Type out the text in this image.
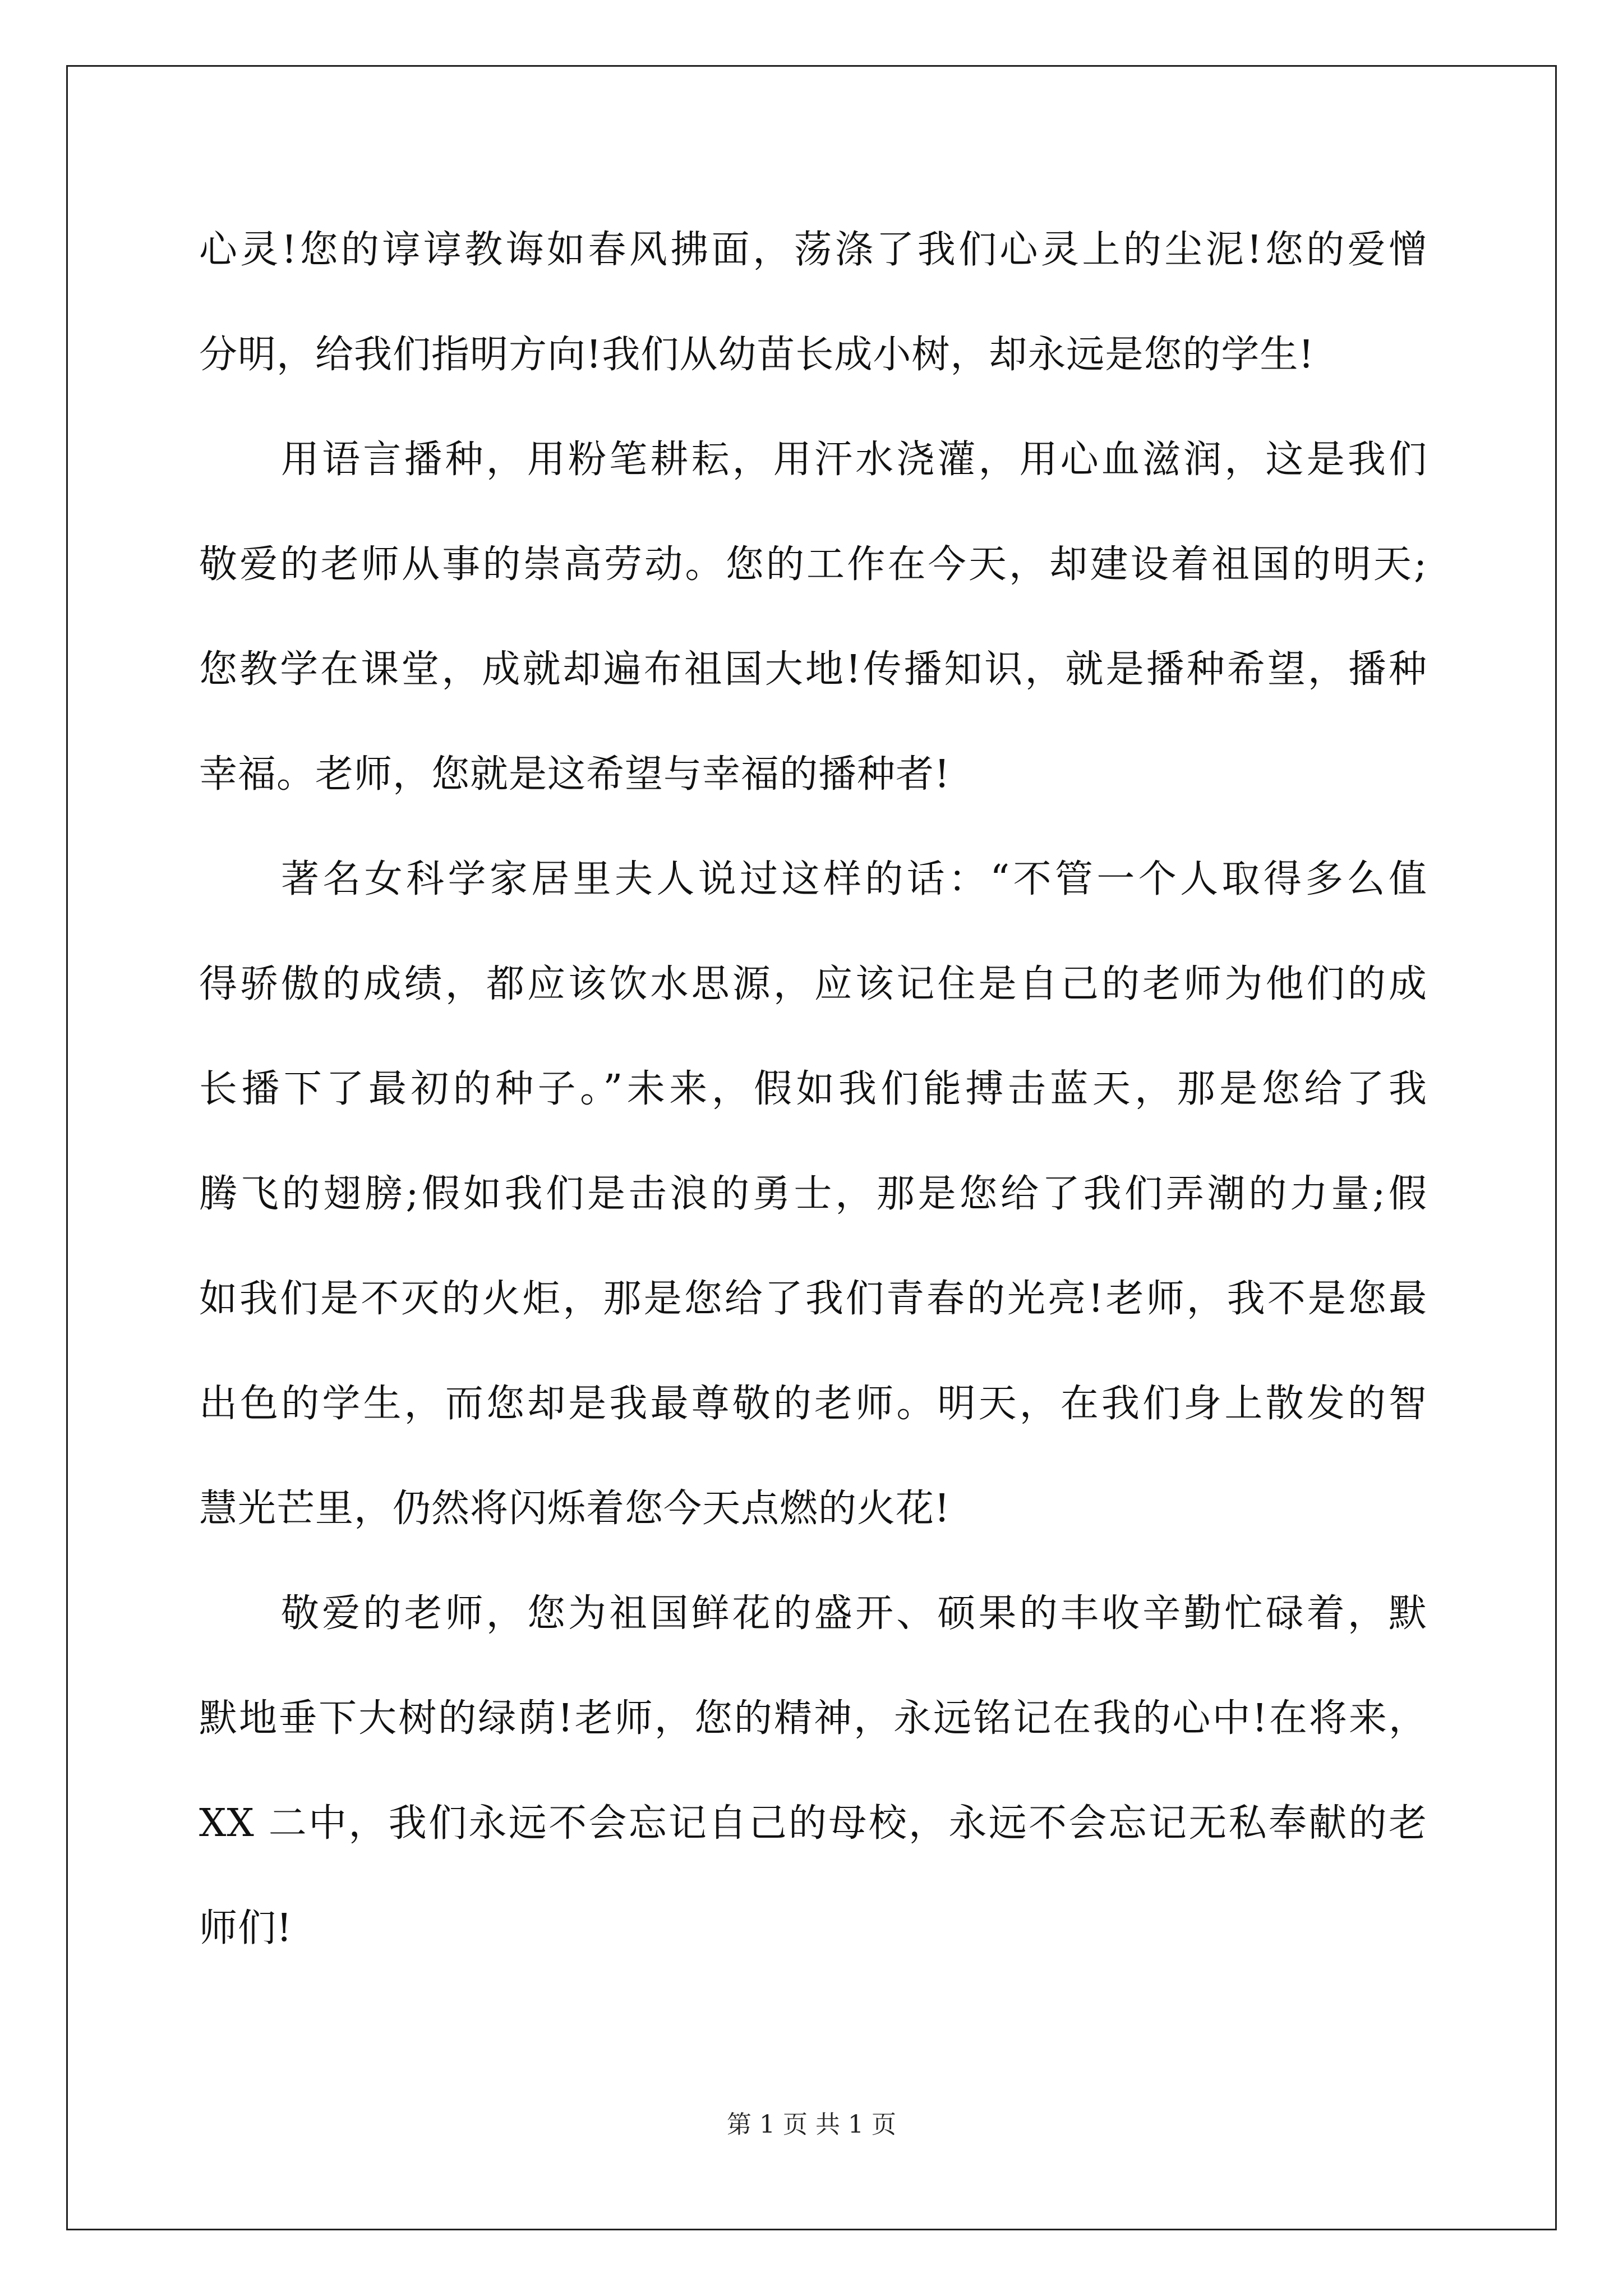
心灵!您的谆谆教诲如春风拂面，荡涤了我们心灵上的尘泥!您的爱憎
分明，给我们指明方向!我们从幼苗长成小树，却永远是您的学生!
用语言播种，用粉笔耕耘，用汗水浇灌，用心血滋润，这是我们
敬爱的老师从事的崇高劳动。您的工作在今天，却建设着祖国的明天;
您教学在课堂，成就却遍布祖国大地!传播知识，就是播种希望，播种
幸福。老师，您就是这希望与幸福的播种者!
著名女科学家居里夫人说过这样的话：“不管一个人取得多么值
得骄傲的成绩，都应该饮水思源，应该记住是自己的老师为他们的成
长播下了最初的种子。”未来，假如我们能搏击蓝天，那是您给了我
腾飞的翅膀;假如我们是击浪的勇士，那是您给了我们弄潮的力量;假
如我们是不灭的火炬，那是您给了我们青春的光亮!老师，我不是您最
出色的学生，而您却是我最尊敬的老师。明天，在我们身上散发的智
慧光芒里，仍然将闪烁着您今天点燃的火花!
敬爱的老师，您为祖国鲜花的盛开、硕果的丰收辛勤忙碌着，默
默地垂下大树的绿荫!老师，您的精神，永远铭记在我的心中!在将来，
XX 二中，我们永远不会忘记自己的母校，永远不会忘记无私奉献的老
师们!
第 1 页 共 1 页
